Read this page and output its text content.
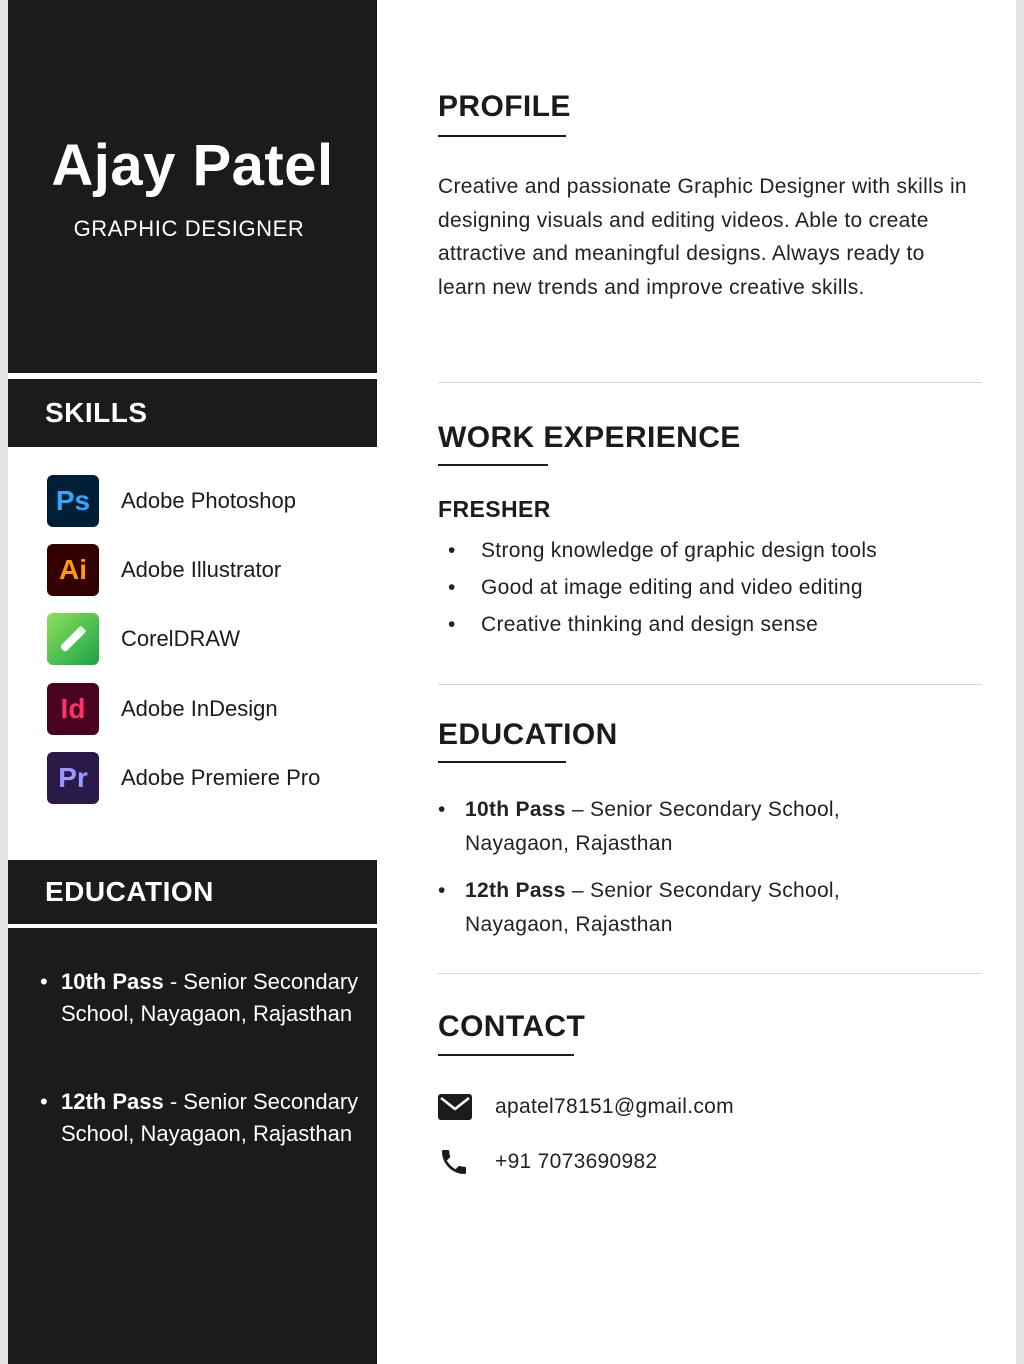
Ajay Patel
GRAPHIC DESIGNER
SKILLS
Ps	Adobe Photoshop
Ai	Adobe Illustrator
CorelDRAW
Id	Adobe InDesign
Pr	Adobe Premiere Pro
EDUCATION
• 10th Pass - Senior Secondary School, Nayagaon, Rajasthan
• 12th Pass - Senior Secondary School, Nayagaon, Rajasthan
PROFILE
Creative and passionate Graphic Designer with skills in designing visuals and editing videos. Able to create attractive and meaningful designs. Always ready to learn new trends and improve creative skills.
WORK EXPERIENCE
FRESHER
• Strong knowledge of graphic design tools
• Good at image editing and video editing
• Creative thinking and design sense
EDUCATION
• 10th Pass – Senior Secondary School, Nayagaon, Rajasthan
• 12th Pass – Senior Secondary School, Nayagaon, Rajasthan
CONTACT
apatel78151@gmail.com
+91 7073690982
